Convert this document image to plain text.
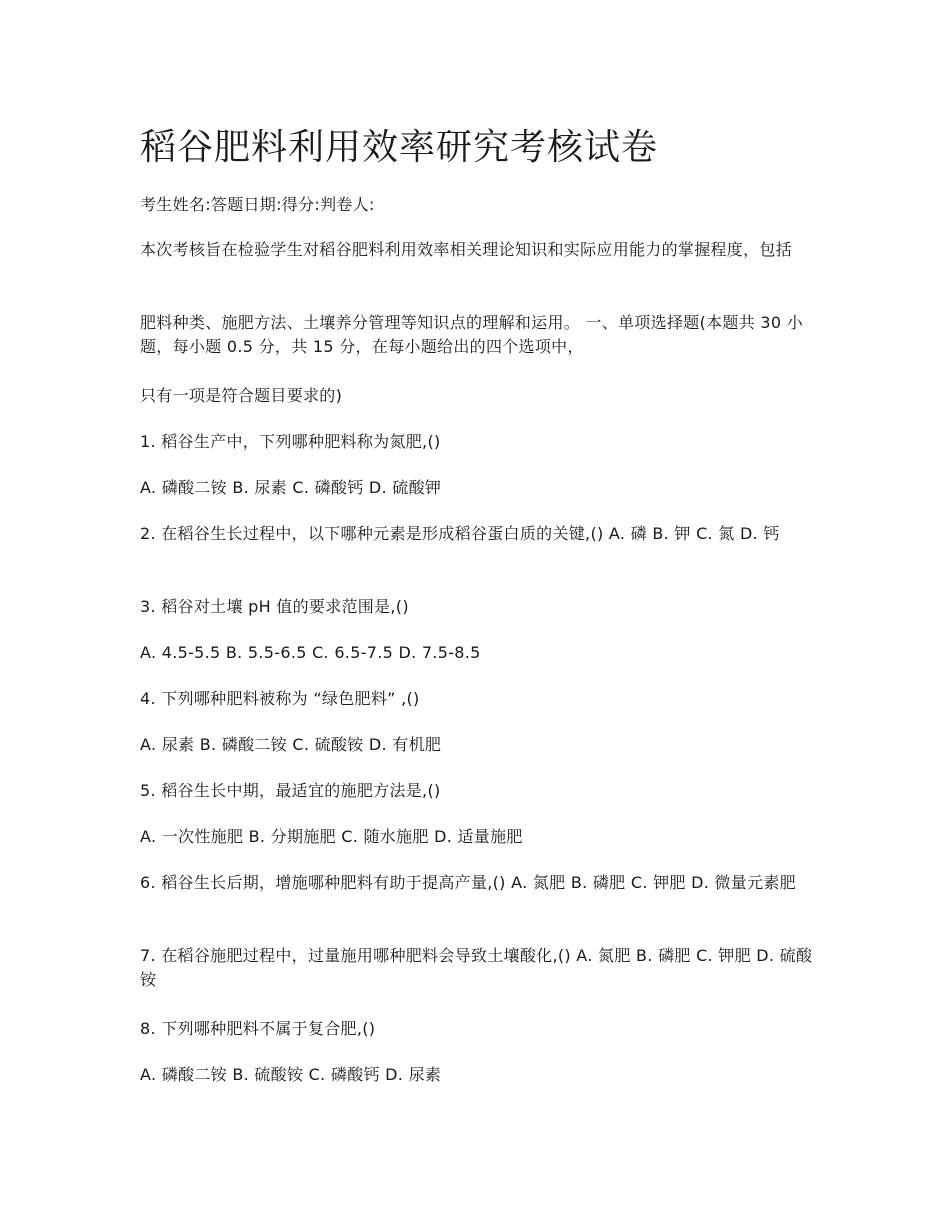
稻谷肥料利用效率研究考核试卷

考生姓名:答题日期:得分:判卷人:

本次考核旨在检验学生对稻谷肥料利用效率相关理论知识和实际应用能力的掌握程度，包括

肥料种类、施肥方法、土壤养分管理等知识点的理解和运用。 一、单项选择题(本题共 30 小题，每小题 0.5 分，共 15 分，在每小题给出的四个选项中，

只有一项是符合题目要求的)

1. 稻谷生产中，下列哪种肥料称为氮肥,()

A. 磷酸二铵 B. 尿素 C. 磷酸钙 D. 硫酸钾

2. 在稻谷生长过程中，以下哪种元素是形成稻谷蛋白质的关键,() A. 磷 B. 钾 C. 氮 D. 钙

3. 稻谷对土壤 pH 值的要求范围是,()

A. 4.5-5.5 B. 5.5-6.5 C. 6.5-7.5 D. 7.5-8.5

4. 下列哪种肥料被称为 “绿色肥料” ,()

A. 尿素 B. 磷酸二铵 C. 硫酸铵 D. 有机肥

5. 稻谷生长中期，最适宜的施肥方法是,()

A. 一次性施肥 B. 分期施肥 C. 随水施肥 D. 适量施肥

6. 稻谷生长后期，增施哪种肥料有助于提高产量,() A. 氮肥 B. 磷肥 C. 钾肥 D. 微量元素肥

7. 在稻谷施肥过程中，过量施用哪种肥料会导致土壤酸化,() A. 氮肥 B. 磷肥 C. 钾肥 D. 硫酸铵

8. 下列哪种肥料不属于复合肥,()

A. 磷酸二铵 B. 硫酸铵 C. 磷酸钙 D. 尿素
